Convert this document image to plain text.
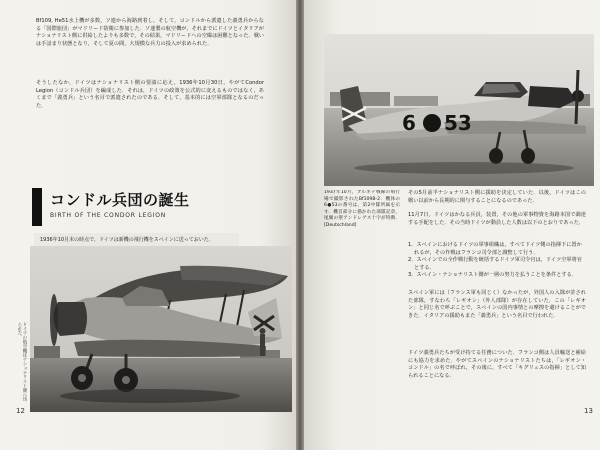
Bf109, He51水上機が多数，ソ連から海路到着し，そして，コンドルから派遣した義勇兵からなる「国際旅団」がマドリード防衛に参加した．ソ連製の航空機が，それまでにドイツとイタリアがナショナリスト側に供給したよりも多数で，その結果，マドリードへの空爆は困難となった．戦いは手詰まり状態となり，そして夏の間，大規模な兵力の投入が求められた．

そうしたなか，ドイツはナショナリスト側の要請に応え，1936年10月30日，やがてCondor Legion（コンドル兵団）を編成した．それは，ドイツの政策を公式的に変えるものではなく，あくまで「義勇兵」という名目で派遣されたのである．そして，基本的には空軍部隊となるのだった．

コンドル兵団の誕生
BIRTH OF THE CONDOR LEGION
1936年10月末の時点で，ドイツは新機の飛行機をスペインに送っておいた．
ドイツの航空機はナショナリスト側へ送られた．
12
6 53

1937年10月，ブルネテ戦線の飛行場で撮影されたBf109B-2．機体の6●53の番号は，第2中隊所属を示す．機首部分に描かれた部隊記章，尾翼の聖アンドレアス十字が特徴．[Deutschland]

その5月前半ナショナリスト側に援助を決定していた．以後，ドイツはこの戦い以前から長期的に関与することになるのであった．

11月7日，ドイツはかなる兵員，装置，その他の軍事物資を海路本国で調達する手配をした．その当時ドイツが動員した人数は以下のとおりであった．

1．スペインにおけるドイツの軍事組織は，すべてドイツ側の指揮下に置かれるが，その作戦はフランコ司令部と調整して行う．
2．スペインでの全作戦行動を統括するドイツ軍司令官は，ドイツ空軍将官とする．
3．スペイン・ナショナリスト側が一層の努力を払うことを条件とする．

スペイン軍には（フランス軍も同じく）なかったが，外国人の入隊が許された部隊，すなわち「レギオン」（外人部隊）が存在していた．この「レギオン」と同じ名で呼ぶことで，スペインの国内事情との摩擦を避けることができた．イタリアの援助もまた「義勇兵」という名目で行われた．

ドイツ義勇兵たちが受け持てる任務についた．フランコ側は人員輸送と補給にも協力を求めた．やがてスペインのナショナリストたちは，「レギオン・コンドル」の名で呼ばれ，その後に，すべて「キグリュスの指揮」として知られることになる．

13
